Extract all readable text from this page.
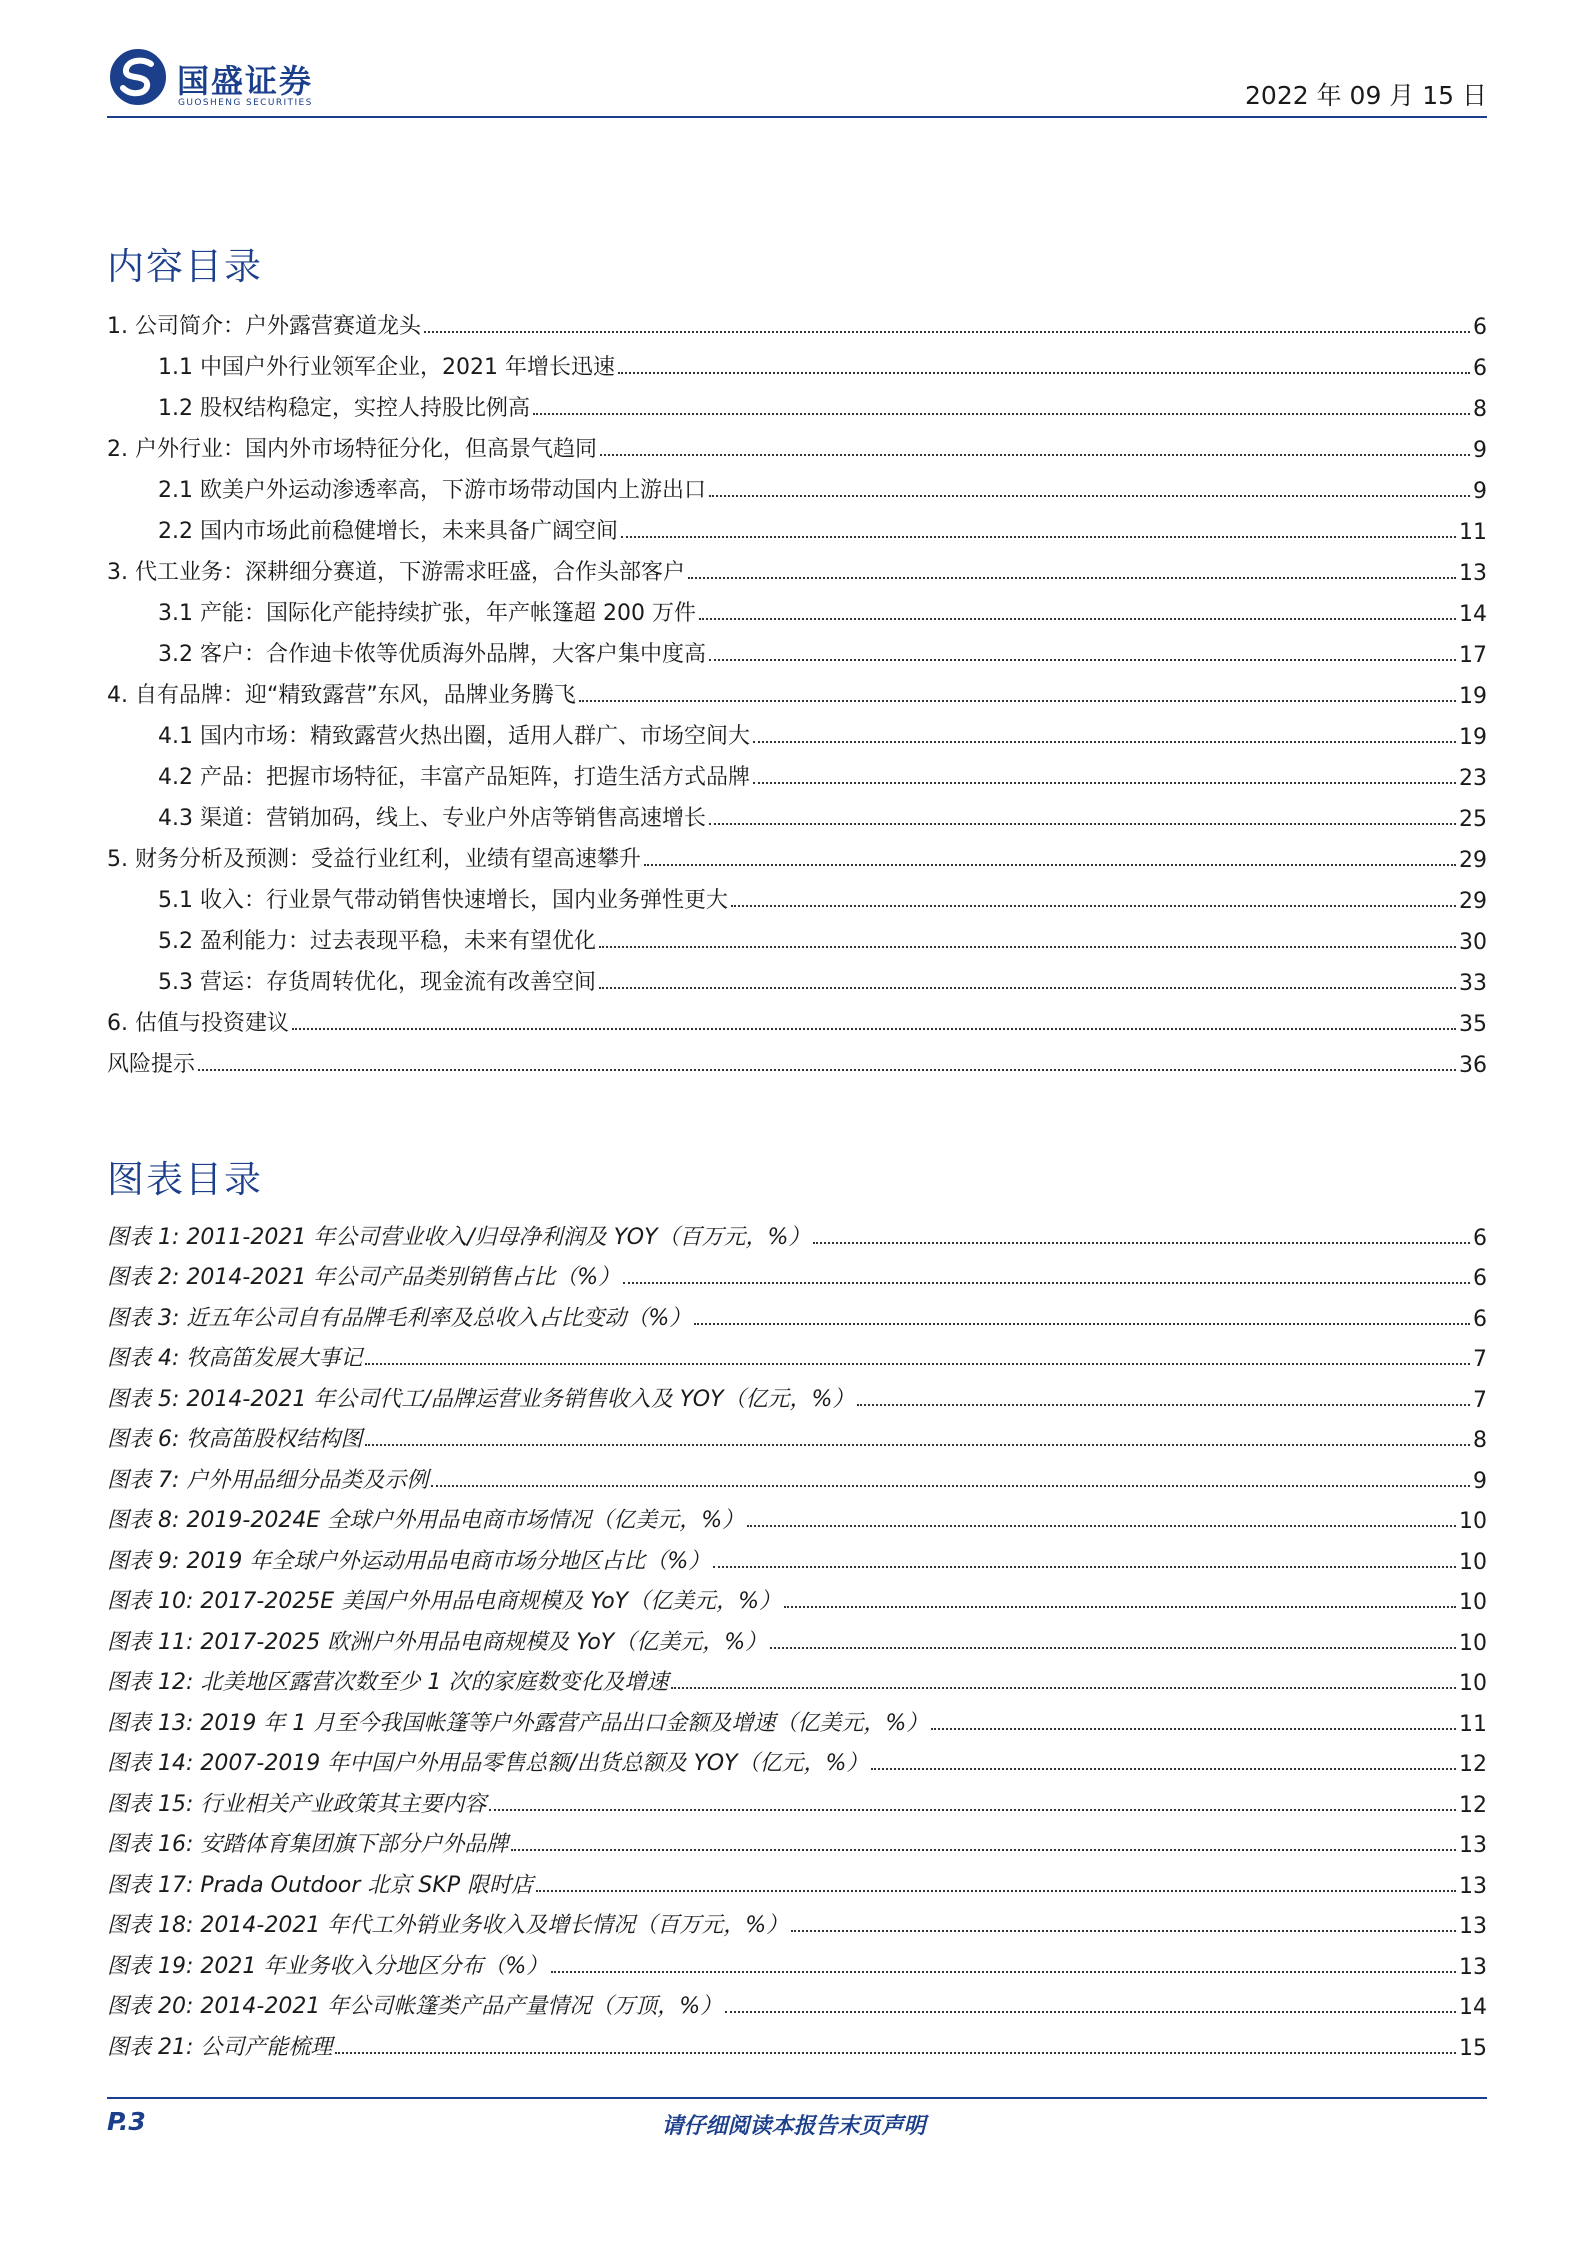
国盛证券
GUOSHENG SECURITIES	2022 年 09 月 15 日
内容目录
1. 公司简介：户外露营赛道龙头	6
1.1 中国户外行业领军企业，2021 年增长迅速	6
1.2 股权结构稳定，实控人持股比例高	8
2. 户外行业：国内外市场特征分化，但高景气趋同	9
2.1 欧美户外运动渗透率高，下游市场带动国内上游出口	9
2.2 国内市场此前稳健增长，未来具备广阔空间	11
3. 代工业务：深耕细分赛道，下游需求旺盛，合作头部客户	13
3.1 产能：国际化产能持续扩张，年产帐篷超 200 万件	14
3.2 客户：合作迪卡侬等优质海外品牌，大客户集中度高	17
4. 自有品牌：迎“精致露营”东风，品牌业务腾飞	19
4.1 国内市场：精致露营火热出圈，适用人群广、市场空间大	19
4.2 产品：把握市场特征，丰富产品矩阵，打造生活方式品牌	23
4.3 渠道：营销加码，线上、专业户外店等销售高速增长	25
5. 财务分析及预测：受益行业红利，业绩有望高速攀升	29
5.1 收入：行业景气带动销售快速增长，国内业务弹性更大	29
5.2 盈利能力：过去表现平稳，未来有望优化	30
5.3 营运：存货周转优化，现金流有改善空间	33
6. 估值与投资建议	35
风险提示	36
图表目录
图表 1: 2011-2021 年公司营业收入/归母净利润及 YOY（百万元，%）	6
图表 2: 2014-2021 年公司产品类别销售占比（%）	6
图表 3: 近五年公司自有品牌毛利率及总收入占比变动（%）	6
图表 4: 牧高笛发展大事记	7
图表 5: 2014-2021 年公司代工/品牌运营业务销售收入及 YOY（亿元，%）	7
图表 6: 牧高笛股权结构图	8
图表 7: 户外用品细分品类及示例	9
图表 8: 2019-2024E 全球户外用品电商市场情况（亿美元，%）	10
图表 9: 2019 年全球户外运动用品电商市场分地区占比（%）	10
图表 10: 2017-2025E 美国户外用品电商规模及 YoY（亿美元，%）	10
图表 11: 2017-2025 欧洲户外用品电商规模及 YoY（亿美元，%）	10
图表 12: 北美地区露营次数至少 1 次的家庭数变化及增速	10
图表 13: 2019 年 1 月至今我国帐篷等户外露营产品出口金额及增速（亿美元，%）	11
图表 14: 2007-2019 年中国户外用品零售总额/出货总额及 YOY（亿元，%）	12
图表 15: 行业相关产业政策其主要内容	12
图表 16: 安踏体育集团旗下部分户外品牌	13
图表 17: Prada Outdoor 北京 SKP 限时店	13
图表 18: 2014-2021 年代工外销业务收入及增长情况（百万元，%）	13
图表 19: 2021 年业务收入分地区分布（%）	13
图表 20: 2014-2021 年公司帐篷类产品产量情况（万顶，%）	14
图表 21: 公司产能梳理	15
P.3	请仔细阅读本报告末页声明
